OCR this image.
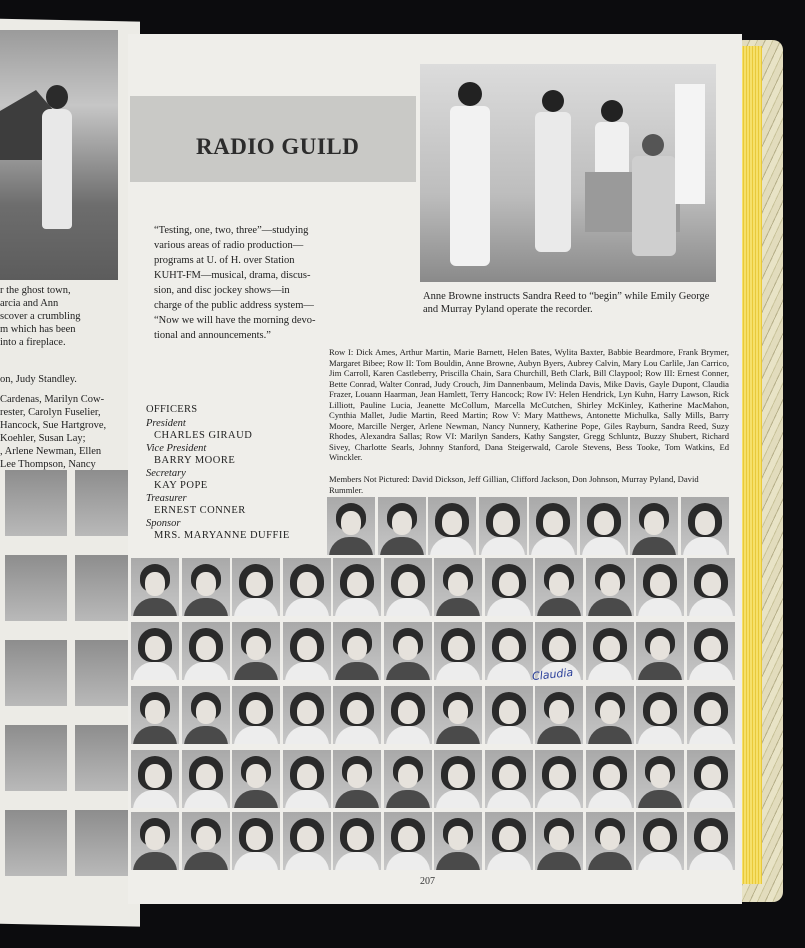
r the ghost town,
arcia and Ann
scover a crumbling
m which has been
into a fireplace.
on, Judy Standley.
Cardenas, Marilyn Cow-
rester, Carolyn Fuselier,
Hancock, Sue Hartgrove,
Koehler, Susan Lay;
, Arlene Newman, Ellen
Lee Thompson, Nancy
RADIO GUILD
“Testing, one, two, three”—studying
various areas of radio production—
programs at U. of H. over Station
KUHT-FM—musical, drama, discus-
sion, and disc jockey shows—in
charge of the public address system—
“Now we will have the morning devo-
tional and announcements.”
Anne Browne instructs Sandra Reed to “begin” while Emily George and Murray Pyland operate the recorder.
Row I: Dick Ames, Arthur Martin, Marie Barnett, Helen Bates, Wylita Baxter, Babbie Beardmore, Frank Brymer, Margaret Bibee; Row II: Tom Bouldin, Anne Browne, Aubyn Byers, Aubrey Calvin, Mary Lou Carlile, Jan Carrico, Jim Carroll, Karen Castleberry, Priscilla Chain, Sara Churchill, Beth Clark, Bill Claypool; Row III: Ernest Conner, Bette Conrad, Walter Conrad, Judy Crouch, Jim Dannenbaum, Melinda Davis, Mike Davis, Gayle Dupont, Claudia Frazer, Louann Haarman, Jean Hamlett, Terry Hancock; Row IV: Helen Hendrick, Lyn Kuhn, Harry Lawson, Rick Lilliott, Pauline Lucia, Jeanette McCollum, Marcella McCutchen, Shirley McKinley, Katherine MacMahon, Cynthia Mallet, Judie Martin, Reed Martin; Row V: Mary Matthews, Antonette Michulka, Sally Mills, Barry Moore, Marcille Nerger, Arlene Newman, Nancy Nunnery, Katherine Pope, Giles Rayburn, Sandra Reed, Suzy Rhodes, Alexandra Sallas; Row VI: Marilyn Sanders, Kathy Sangster, Gregg Schluntz, Buzzy Shubert, Richard Sivey, Charlotte Searls, Johnny Stanford, Dana Steigerwald, Carole Stevens, Bess Tooke, Tom Watkins, Ed Winckler.
Members Not Pictured: David Dickson, Jeff Gillian, Clifford Jackson, Don Johnson, Murray Pyland, David Rummler.
OFFICERS
President
CHARLES GIRAUD
Vice President
BARRY MOORE
Secretary
KAY POPE
Treasurer
ERNEST CONNER
Sponsor
MRS. MARYANNE DUFFIE
Claudia
207
